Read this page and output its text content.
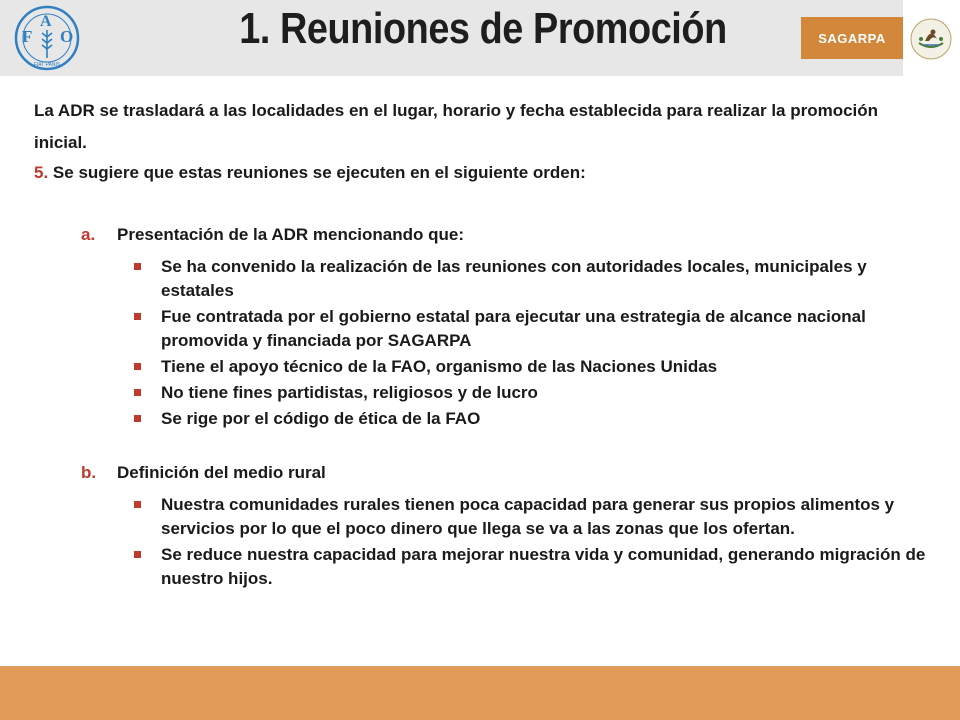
F O
A
FIAT PANIS
1. Reuniones de Promoción	SAGARPA

La ADR se trasladará a las localidades en el lugar, horario y fecha establecida para realizar la promoción inicial.

5. Se sugiere que estas reuniones se ejecuten en el siguiente orden:

a.	Presentación de la ADR mencionando que:
Se ha convenido la realización de las reuniones con autoridades locales, municipales y estatales
Fue contratada por el gobierno estatal para ejecutar una estrategia de alcance nacional promovida y financiada por SAGARPA
Tiene el apoyo técnico de la FAO, organismo de las Naciones Unidas
No tiene fines partidistas, religiosos y de lucro
Se rige por el código de ética de la FAO
b.	Definición del medio rural
Nuestra comunidades rurales tienen poca capacidad para generar sus propios alimentos y servicios por lo que el poco dinero que llega se va a las zonas que los ofertan.
Se reduce nuestra capacidad para mejorar nuestra vida y comunidad, generando migración de nuestro hijos.
